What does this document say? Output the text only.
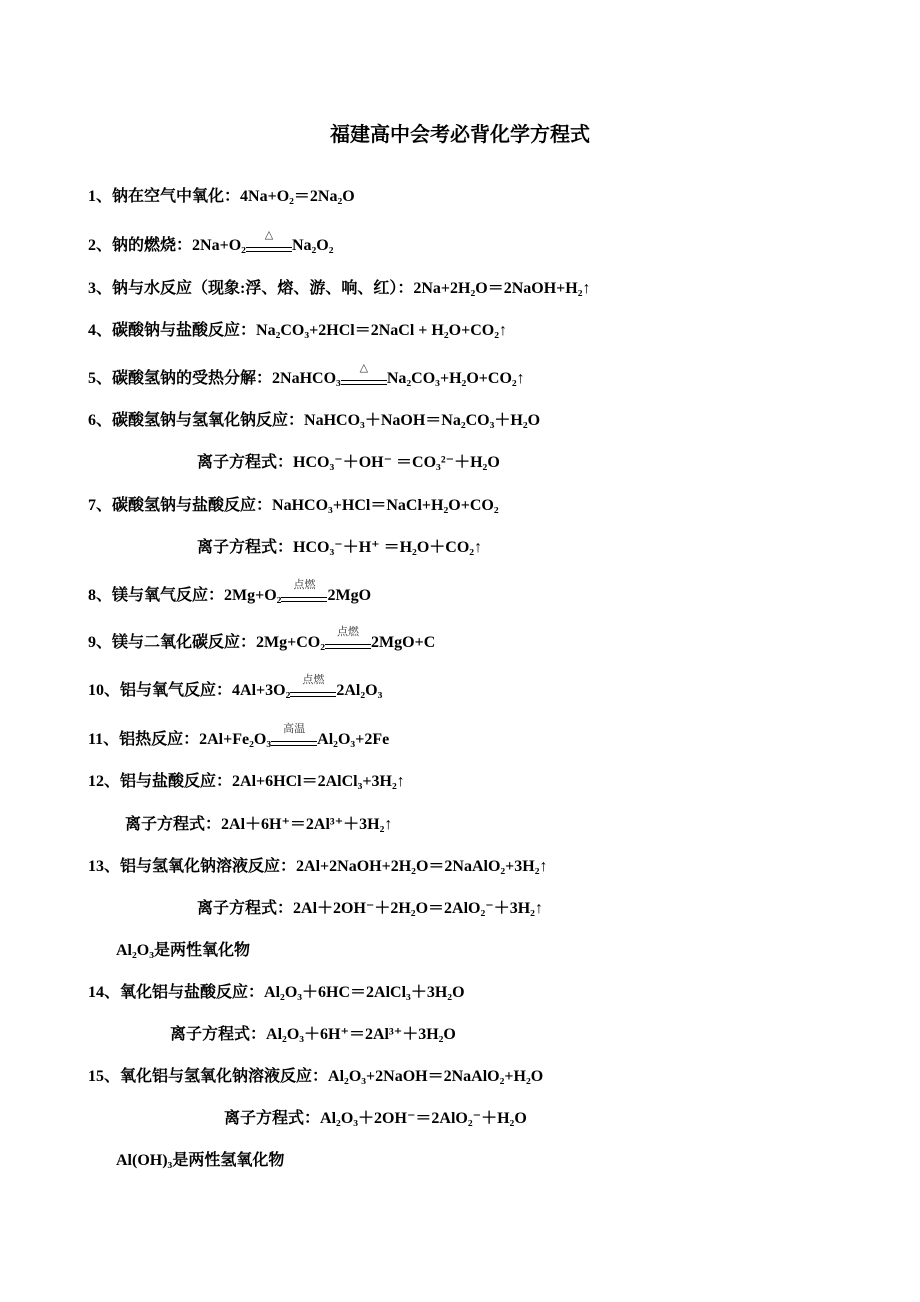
福建高中会考必背化学方程式
1、钠在空气中氧化：4Na+O₂＝2Na₂O
2、钠的燃烧：2Na+O₂
△
Na₂O₂
3、钠与水反应（现象:浮、熔、游、响、红）：2Na+2H₂O＝2NaOH+H₂↑
4、碳酸钠与盐酸反应：Na₂CO₃+2HCl＝2NaCl + H₂O+CO₂↑
5、碳酸氢钠的受热分解：2NaHCO₃
△
Na₂CO₃+H₂O+CO₂↑
6、碳酸氢钠与氢氧化钠反应：NaHCO₃＋NaOH＝Na₂CO₃＋H₂O
离子方程式：HCO₃⁻＋OH⁻ ＝CO₃²⁻＋H₂O
7、碳酸氢钠与盐酸反应：NaHCO₃+HCl＝NaCl+H₂O+CO₂
离子方程式：HCO₃⁻＋H⁺ ＝H₂O＋CO₂↑
8、镁与氧气反应：2Mg+O₂
点燃
2MgO
9、镁与二氧化碳反应：2Mg+CO₂
点燃
2MgO+C
10、铝与氧气反应：4Al+3O₂
点燃
2Al₂O₃
11、铝热反应：2Al+Fe₂O₃
高温
Al₂O₃+2Fe
12、铝与盐酸反应：2Al+6HCl＝2AlCl₃+3H₂↑
离子方程式：2Al＋6H⁺＝2Al³⁺＋3H₂↑
13、铝与氢氧化钠溶液反应：2Al+2NaOH+2H₂O＝2NaAlO₂+3H₂↑
离子方程式：2Al＋2OH⁻＋2H₂O＝2AlO₂⁻＋3H₂↑
Al₂O₃是两性氧化物
14、氧化铝与盐酸反应：Al₂O₃＋6HC＝2AlCl₃＋3H₂O
离子方程式：Al₂O₃＋6H⁺＝2Al³⁺＋3H₂O
15、氧化铝与氢氧化钠溶液反应：Al₂O₃+2NaOH＝2NaAlO₂+H₂O
离子方程式：Al₂O₃＋2OH⁻＝2AlO₂⁻＋H₂O
Al(OH)₃是两性氢氧化物
